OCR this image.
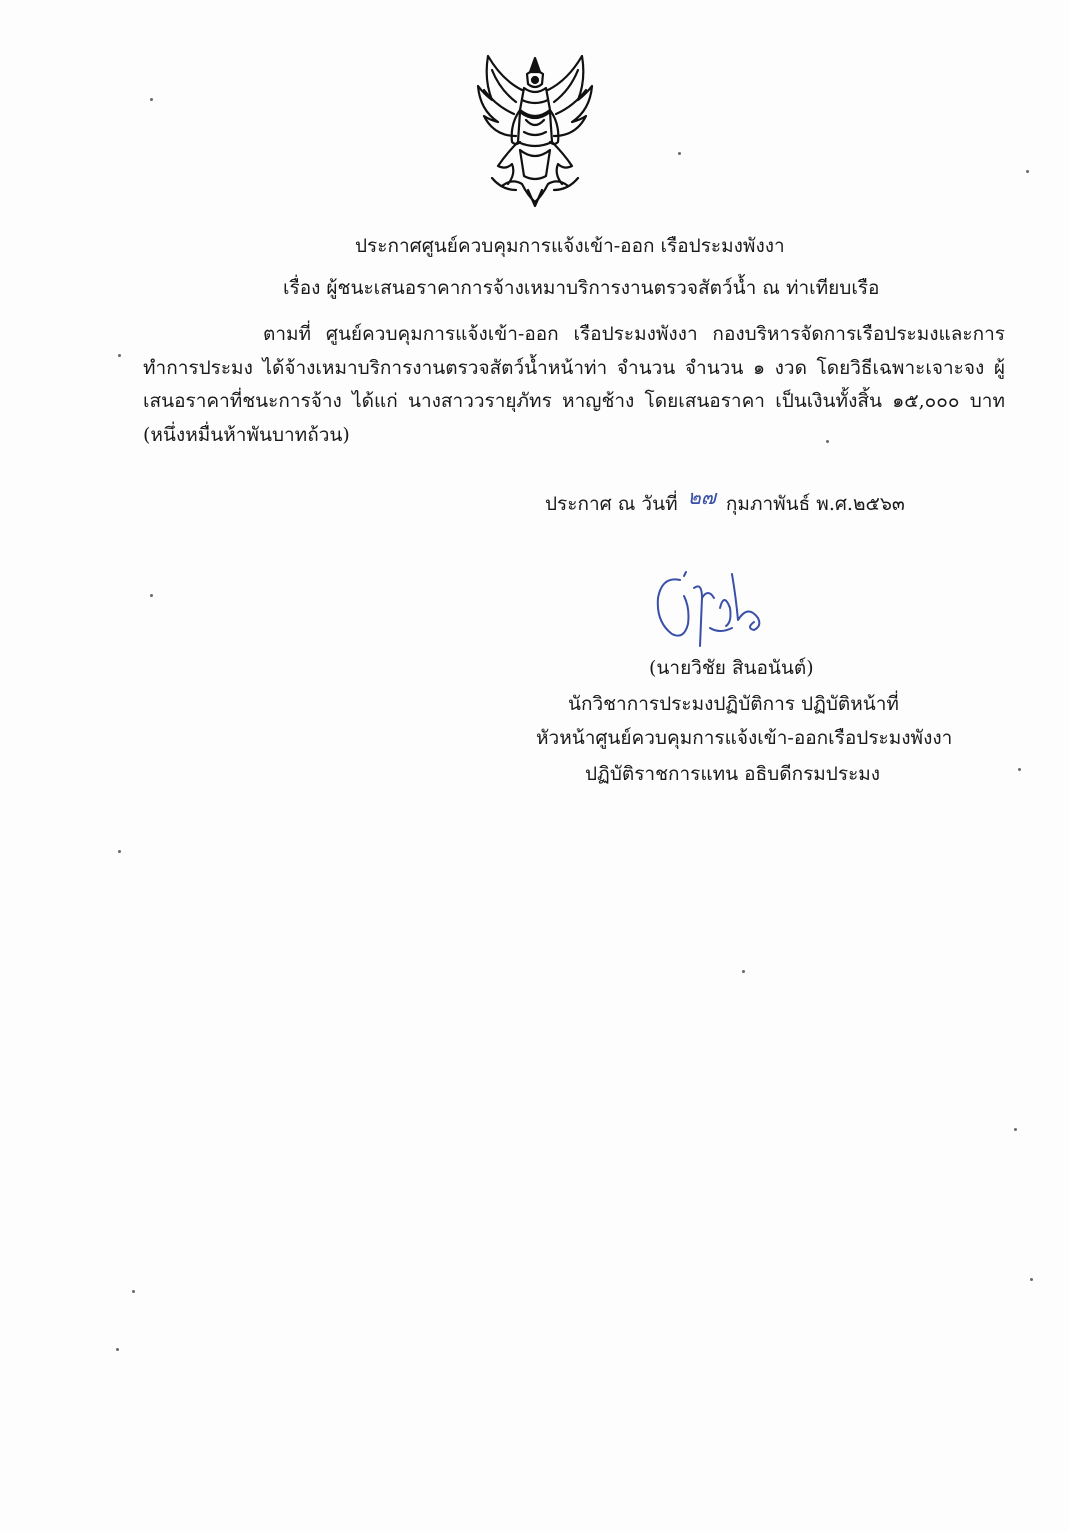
ประกาศศูนย์ควบคุมการแจ้งเข้า-ออก เรือประมงพังงา
เรื่อง ผู้ชนะเสนอราคาการจ้างเหมาบริการงานตรวจสัตว์น้ำ ณ ท่าเทียบเรือ
ตามที่ ศูนย์ควบคุมการแจ้งเข้า-ออก เรือประมงพังงา กองบริหารจัดการเรือประมงและการทำการประมง ได้จ้างเหมาบริการงานตรวจสัตว์น้ำหน้าท่า จำนวน จำนวน ๑ งวด โดยวิธีเฉพาะเจาะจง ผู้เสนอราคาที่ชนะการจ้าง ได้แก่ นางสาววรายุภัทร หาญช้าง โดยเสนอราคา เป็นเงินทั้งสิ้น ๑๕,๐๐๐ บาท (หนึ่งหมื่นห้าพันบาทถ้วน)
ประกาศ ณ วันที่ ๒๗ กุมภาพันธ์ พ.ศ.๒๕๖๓
(นายวิชัย สินอนันต์)
นักวิชาการประมงปฏิบัติการ ปฏิบัติหน้าที่
หัวหน้าศูนย์ควบคุมการแจ้งเข้า-ออกเรือประมงพังงา
ปฏิบัติราชการแทน อธิบดีกรมประมง
